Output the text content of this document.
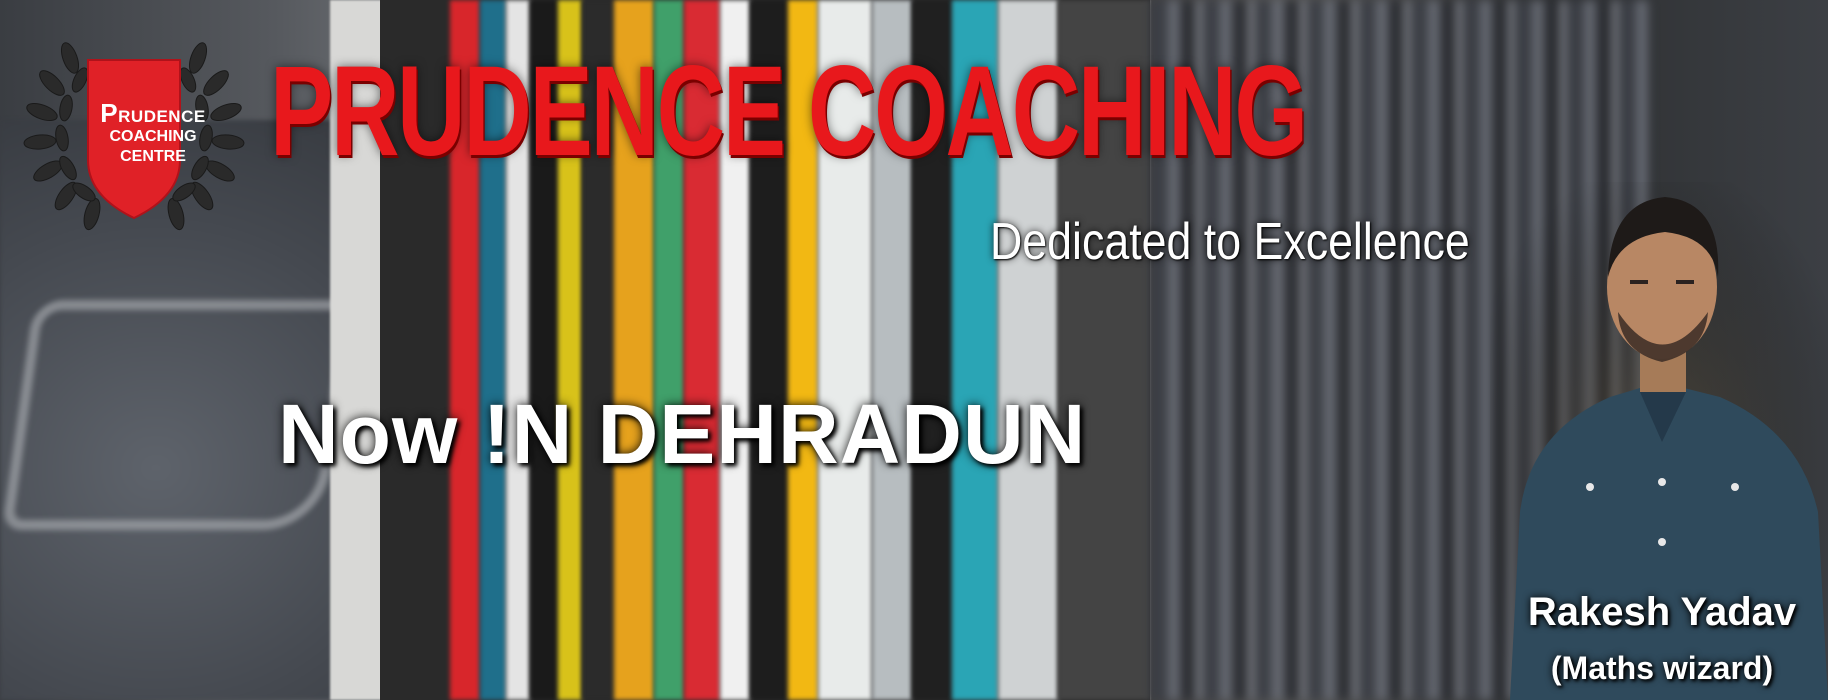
PRUDENCE
COACHING
CENTRE PRUDENCE COACHING
Dedicated to Excellence
Now !N DEHRADUN
Rakesh Yadav
(Maths wizard)
